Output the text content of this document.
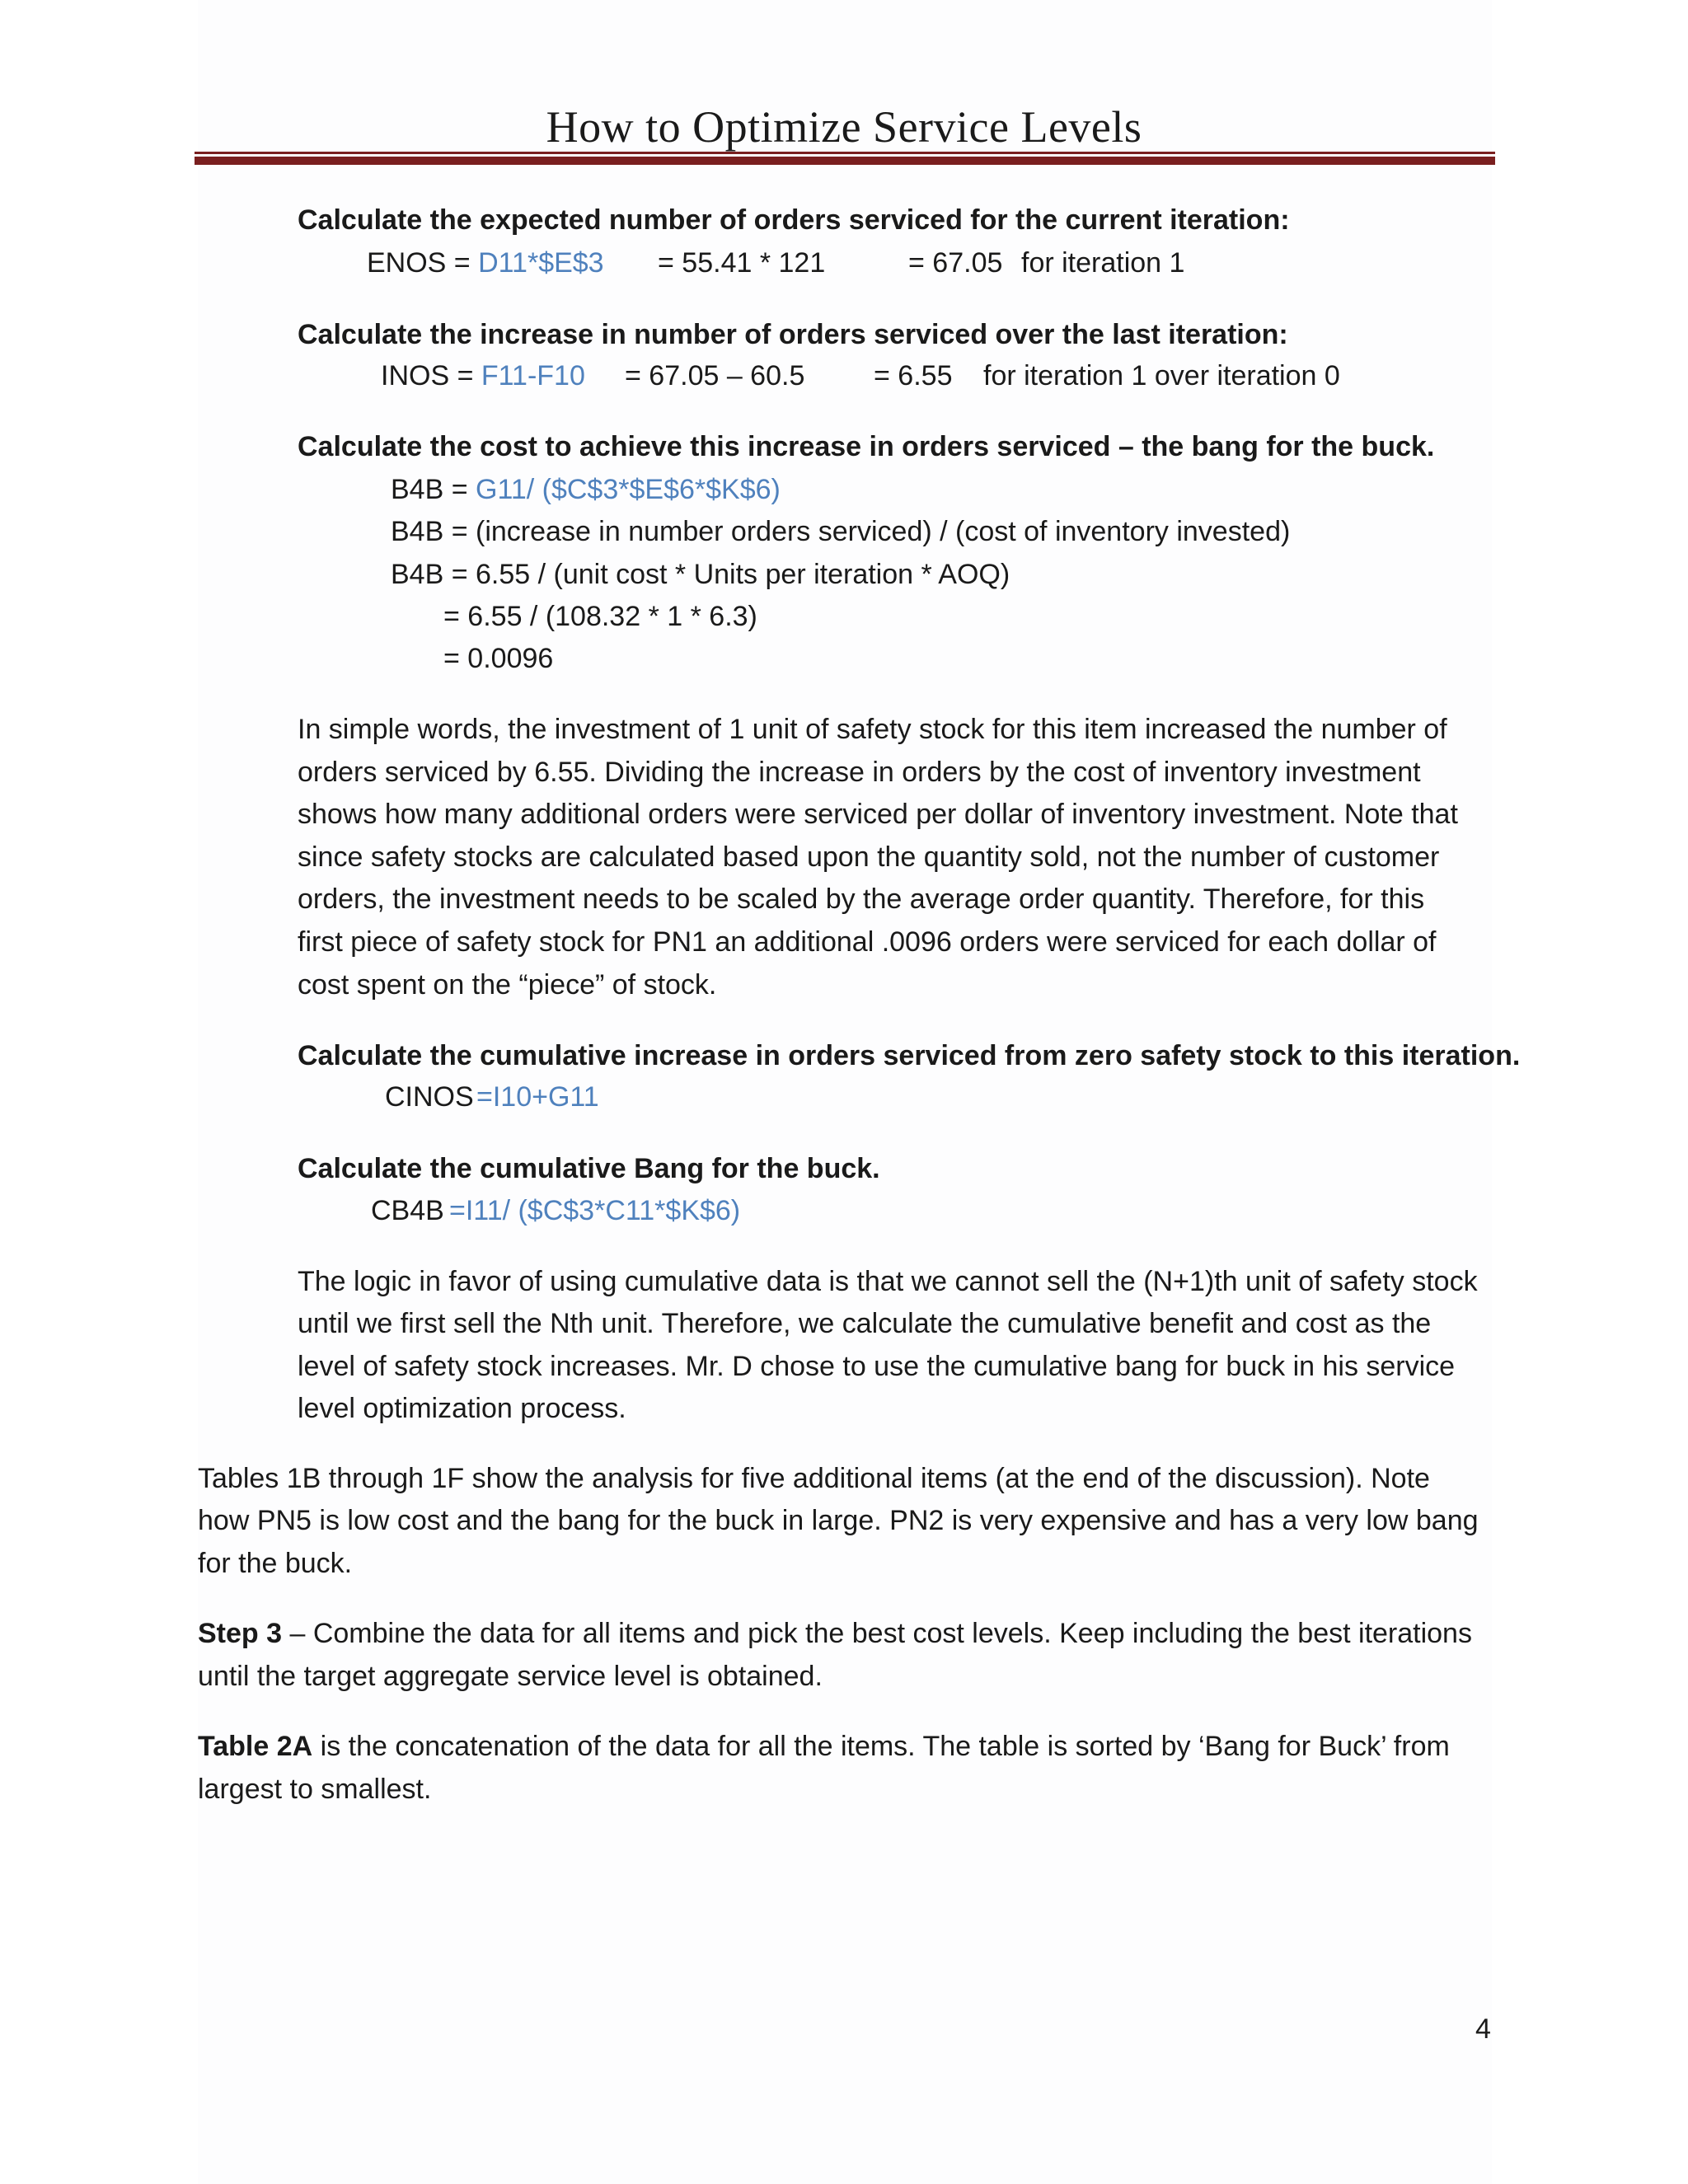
How to Optimize Service Levels
Calculate the expected number of orders serviced for the current iteration:
ENOS = D11*$E$3 = 55.41 * 121	= 67.05 for iteration 1
Calculate the increase in number of orders serviced over the last iteration:
INOS = F11-F10 = 67.05 – 60.5 = 6.55 for iteration 1 over iteration 0
Calculate the cost to achieve this increase in orders serviced – the bang for the buck.
B4B = G11/ ($C$3*$E$6*$K$6)
B4B = (increase in number orders serviced) / (cost of inventory invested)
B4B = 6.55 / (unit cost * Units per iteration * AOQ)
= 6.55 / (108.32 * 1 * 6.3)
= 0.0096
In simple words, the investment of 1 unit of safety stock for this item increased the number of
orders serviced by 6.55. Dividing the increase in orders by the cost of inventory investment
shows how many additional orders were serviced per dollar of inventory investment. Note that
since safety stocks are calculated based upon the quantity sold, not the number of customer
orders, the investment needs to be scaled by the average order quantity. Therefore, for this
first piece of safety stock for PN1 an additional .0096 orders were serviced for each dollar of
cost spent on the “piece” of stock.
Calculate the cumulative increase in orders serviced from zero safety stock to this iteration.
CINOS =I10+G11
Calculate the cumulative Bang for the buck.
CB4B =I11/ ($C$3*C11*$K$6)
The logic in favor of using cumulative data is that we cannot sell the (N+1)th unit of safety stock
until we first sell the Nth unit. Therefore, we calculate the cumulative benefit and cost as the
level of safety stock increases. Mr. D chose to use the cumulative bang for buck in his service
level optimization process.
Tables 1B through 1F show the analysis for five additional items (at the end of the discussion). Note
how PN5 is low cost and the bang for the buck in large. PN2 is very expensive and has a very low bang
for the buck.
Step 3 – Combine the data for all items and pick the best cost levels. Keep including the best iterations
until the target aggregate service level is obtained.
Table 2A is the concatenation of the data for all the items. The table is sorted by ‘Bang for Buck’ from
largest to smallest.
4
